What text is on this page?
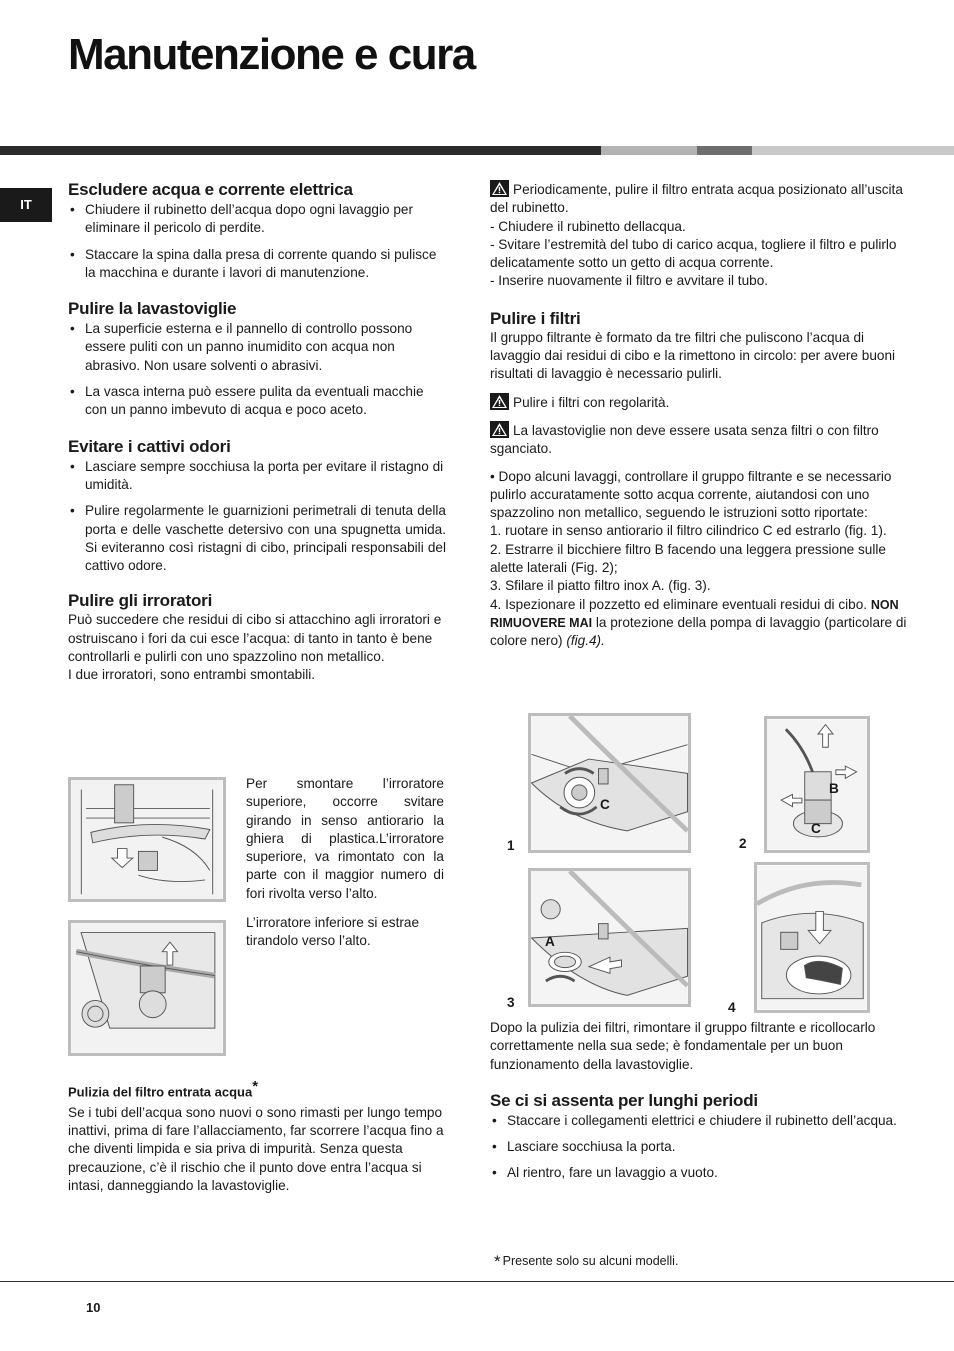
Manutenzione e cura
IT
Escludere acqua e corrente elettrica
• Chiudere il rubinetto dell’acqua dopo ogni lavaggio per eliminare il pericolo di perdite.
• Staccare la spina dalla presa di corrente quando si pulisce la macchina e durante i lavori di manutenzione.
Pulire la lavastoviglie
• La superficie esterna e il pannello di controllo possono essere puliti con un panno inumidito con acqua non abrasivo. Non usare solventi o abrasivi.
• La vasca interna può essere pulita da eventuali macchie con un panno imbevuto di acqua e poco aceto.
Evitare i cattivi odori
• Lasciare sempre socchiusa la porta per evitare il ristagno di umidità.
• Pulire regolarmente le guarnizioni perimetrali di tenuta della porta e delle vaschette detersivo con una spugnetta umida. Si eviteranno così ristagni di cibo, principali responsabili del cattivo odore.
Pulire gli irroratori

Può succedere che residui di cibo si attacchino agli irroratori e ostruiscano i fori da cui esce l’acqua: di tanto in tanto è bene controllarli e pulirli con uno spazzolino non metallico.

I due irroratori, sono entrambi smontabili.

Per smontare l’irroratore superiore, occorre svitare girando in senso antiorario la ghiera di plastica.L’irroratore superiore, va rimontato con la parte con il maggior numero di fori rivolta verso l’alto.
L’irroratore inferiore si estrae tirandolo verso l’alto.
Pulizia del filtro entrata acqua*

Se i tubi dell’acqua sono nuovi o sono rimasti per lungo tempo inattivi, prima di fare l’allacciamento, far scorrere l’acqua fino a che diventi limpida e sia priva di impurità. Senza questa precauzione, c’è il rischio che il punto dove entra l’acqua si intasi, danneggiando la lavastoviglie.

Periodicamente, pulire il filtro entrata acqua posizionato all’uscita del rubinetto.

- Chiudere il rubinetto dellacqua.

- Svitare l’estremità del tubo di carico acqua, togliere il filtro e pulirlo delicatamente sotto un getto di acqua corrente.

- Inserire nuovamente il filtro e avvitare il tubo.

Pulire i filtri

Il gruppo filtrante è formato da tre filtri che puliscono l’acqua di lavaggio dai residui di cibo e la rimettono in circolo: per avere buoni risultati di lavaggio è necessario pulirli.

Pulire i filtri con regolarità.

La lavastoviglie non deve essere usata senza filtri o con filtro sganciato.

• Dopo alcuni lavaggi, controllare il gruppo filtrante e se necessario pulirlo accuratamente sotto acqua corrente, aiutandosi con uno spazzolino non metallico, seguendo le istruzioni sotto riportate:

1. ruotare in senso antiorario il filtro cilindrico C ed estrarlo (fig. 1).

2. Estrarre il bicchiere filtro B facendo una leggera pressione sulle alette laterali (Fig. 2);

3. Sfilare il piatto filtro inox A. (fig. 3).

4. Ispezionare il pozzetto ed eliminare eventuali residui di cibo. NON RIMUOVERE MAI la protezione della pompa di lavaggio (particolare di colore nero) (fig.4).

1
C
2
B
C
3
A
4

Dopo la pulizia dei filtri, rimontare il gruppo filtrante e ricollocarlo correttamente nella sua sede; è fondamentale per un buon funzionamento della lavastoviglie.

Se ci si assenta per lunghi periodi
• Staccare i collegamenti elettrici e chiudere il rubinetto dell’acqua.
• Lasciare socchiusa la porta.
• Al rientro, fare un lavaggio a vuoto.
* Presente solo su alcuni modelli.
10
